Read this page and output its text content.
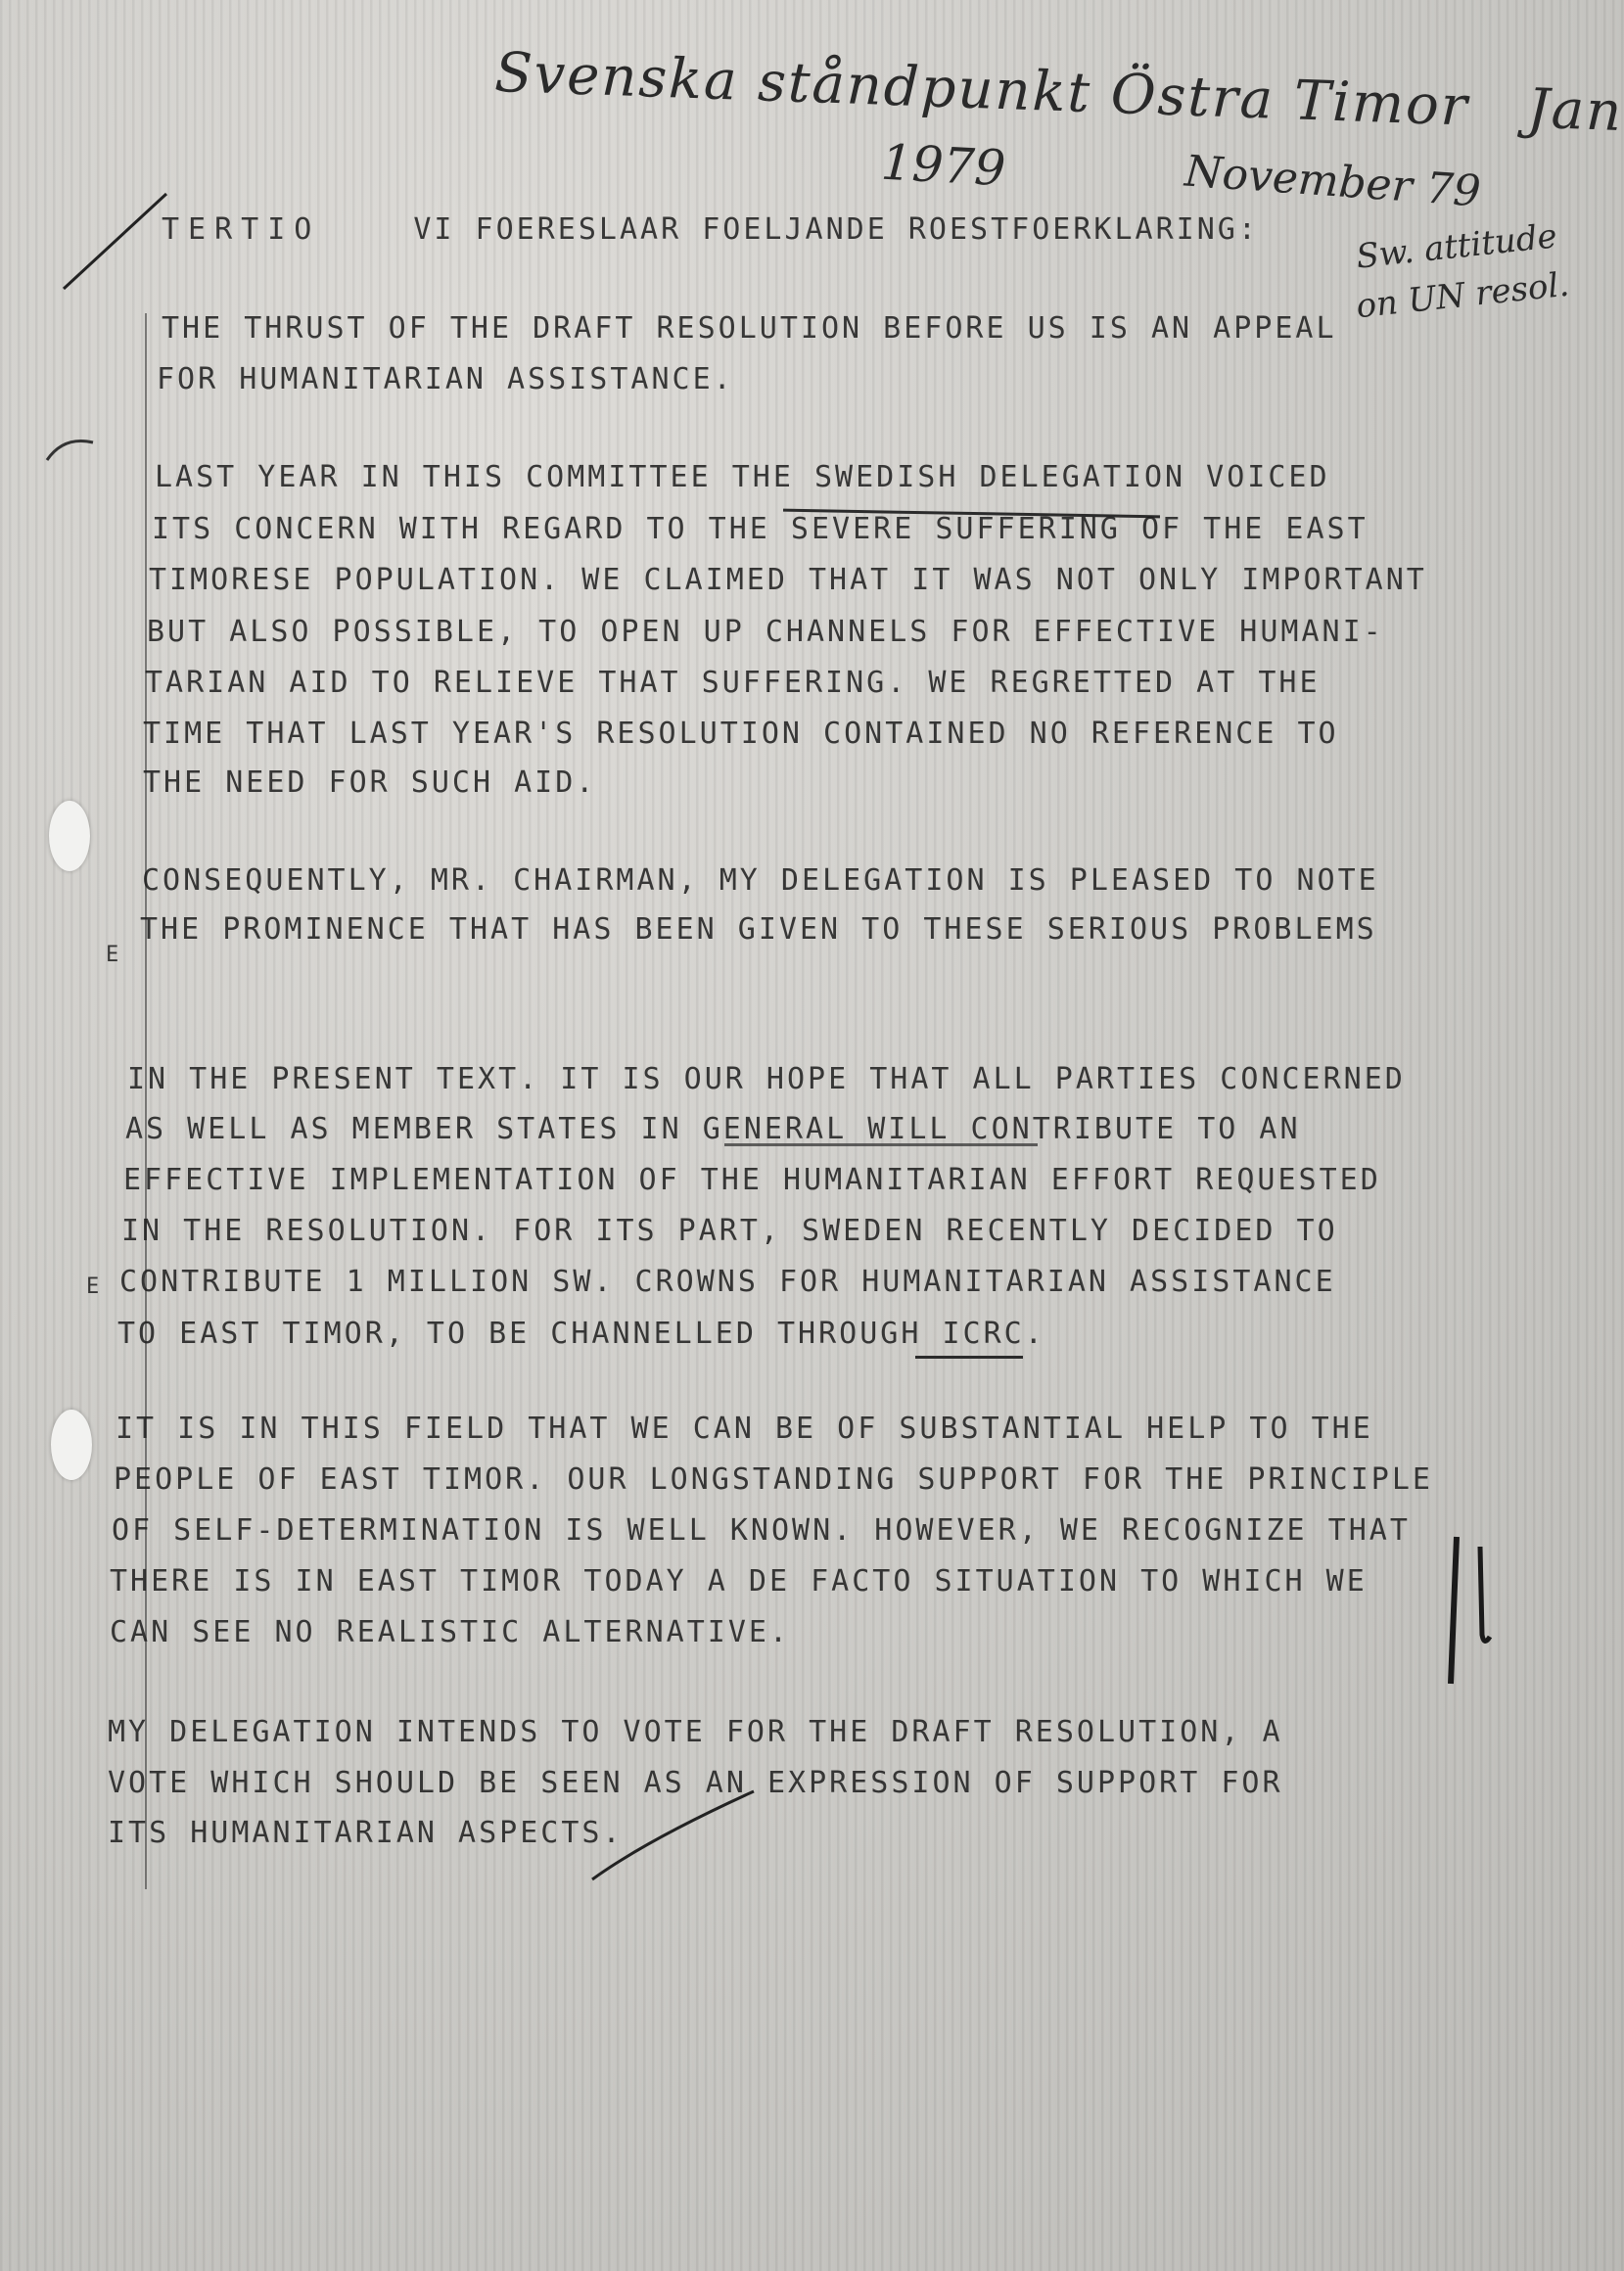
Svenska ståndpunkt Östra Timor Jan
1979	November 79
Sw. attitude
on UN resol.
E
E
TERTIO	VI FOERESLAAR FOELJANDE ROESTFOERKLARING:
THE THRUST OF THE DRAFT RESOLUTION BEFORE US IS AN APPEAL
FOR HUMANITARIAN ASSISTANCE.
LAST YEAR IN THIS COMMITTEE THE SWEDISH DELEGATION VOICED
ITS CONCERN WITH REGARD TO THE SEVERE SUFFERING OF THE EAST
TIMORESE POPULATION. WE CLAIMED THAT IT WAS NOT ONLY IMPORTANT
BUT ALSO POSSIBLE, TO OPEN UP CHANNELS FOR EFFECTIVE HUMANI-
TARIAN AID TO RELIEVE THAT SUFFERING. WE REGRETTED AT THE
TIME THAT LAST YEAR'S RESOLUTION CONTAINED NO REFERENCE TO
THE NEED FOR SUCH AID.
CONSEQUENTLY, MR. CHAIRMAN, MY DELEGATION IS PLEASED TO NOTE
THE PROMINENCE THAT HAS BEEN GIVEN TO THESE SERIOUS PROBLEMS
IN THE PRESENT TEXT. IT IS OUR HOPE THAT ALL PARTIES CONCERNED
AS WELL AS MEMBER STATES IN GENERAL WILL CONTRIBUTE TO AN
EFFECTIVE IMPLEMENTATION OF THE HUMANITARIAN EFFORT REQUESTED
IN THE RESOLUTION. FOR ITS PART, SWEDEN RECENTLY DECIDED TO
CONTRIBUTE 1 MILLION SW. CROWNS FOR HUMANITARIAN ASSISTANCE
TO EAST TIMOR, TO BE CHANNELLED THROUGH ICRC.
IT IS IN THIS FIELD THAT WE CAN BE OF SUBSTANTIAL HELP TO THE
PEOPLE OF EAST TIMOR. OUR LONGSTANDING SUPPORT FOR THE PRINCIPLE
OF SELF-DETERMINATION IS WELL KNOWN. HOWEVER, WE RECOGNIZE THAT
THERE IS IN EAST TIMOR TODAY A DE FACTO SITUATION TO WHICH WE
CAN SEE NO REALISTIC ALTERNATIVE.
MY DELEGATION INTENDS TO VOTE FOR THE DRAFT RESOLUTION, A
VOTE WHICH SHOULD BE SEEN AS AN EXPRESSION OF SUPPORT FOR
ITS HUMANITARIAN ASPECTS.
